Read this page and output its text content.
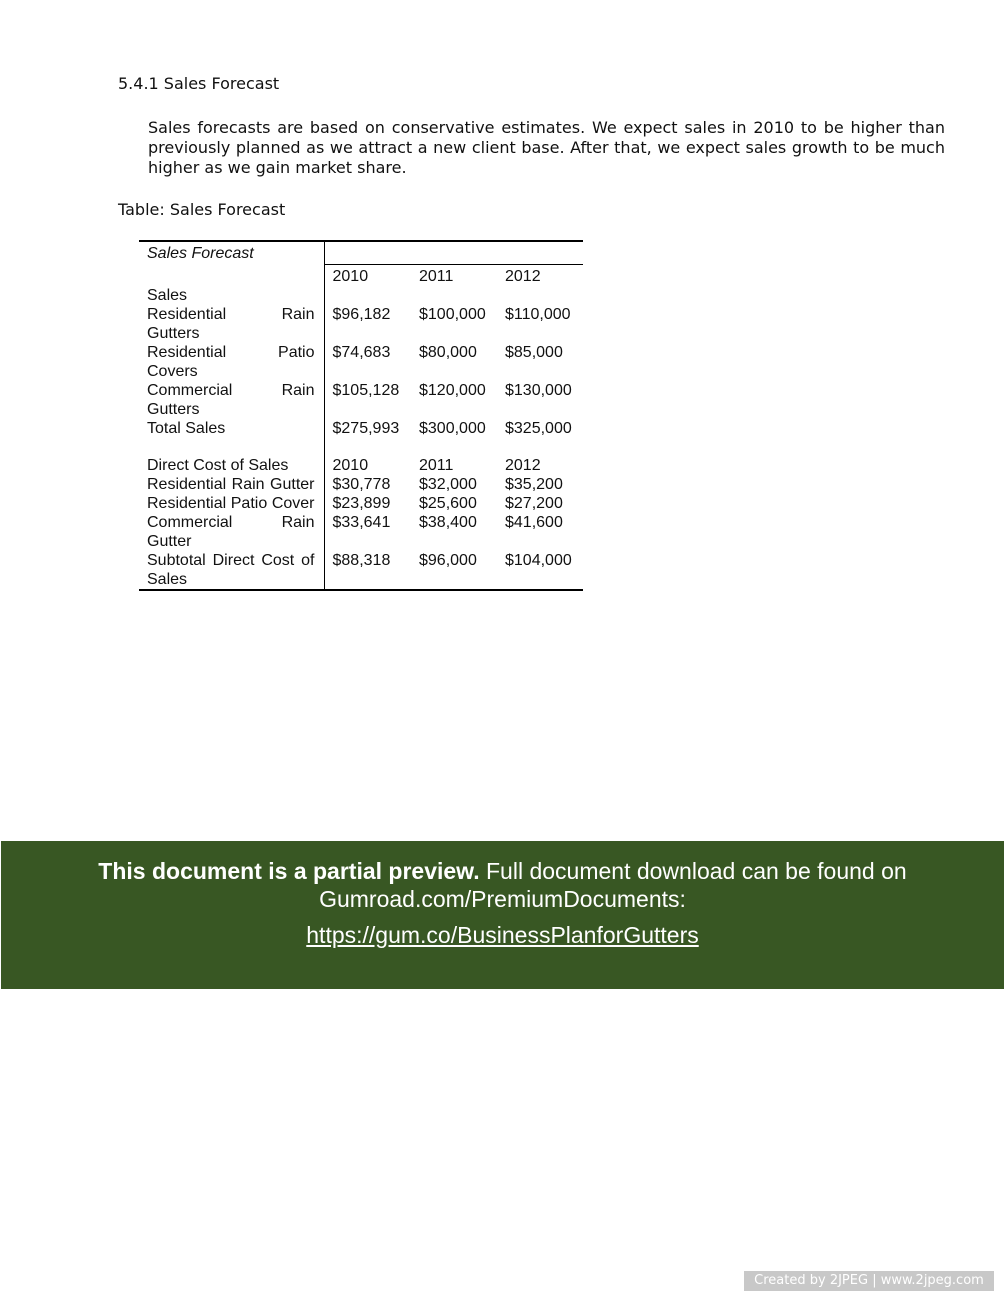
5.4.1 Sales Forecast

Sales forecasts are based on conservative estimates. We expect sales in 2010 to be higher than previously planned as we attract a new client base. After that, we expect sales growth to be much higher as we gain market share.

Table: Sales Forecast

Sales Forecast			
	2010	2011	2012
Sales			
Residential Rain Gutters	$96,182	$100,000	$110,000
Residential Patio Covers	$74,683	$80,000	$85,000
Commercial Rain Gutters	$105,128	$120,000	$130,000
Total Sales	$275,993	$300,000	$325,000

Direct Cost of Sales	2010	2011	2012
Residential Rain Gutter	$30,778	$32,000	$35,200
Residential Patio Cover	$23,899	$25,600	$27,200
Commercial Rain Gutter	$33,641	$38,400	$41,600
Subtotal Direct Cost of Sales	$88,318	$96,000	$104,000

This document is a partial preview. Full document download can be found on Gumroad.com/PremiumDocuments:

https://gum.co/BusinessPlanforGutters
Created by 2JPEG | www.2jpeg.com
